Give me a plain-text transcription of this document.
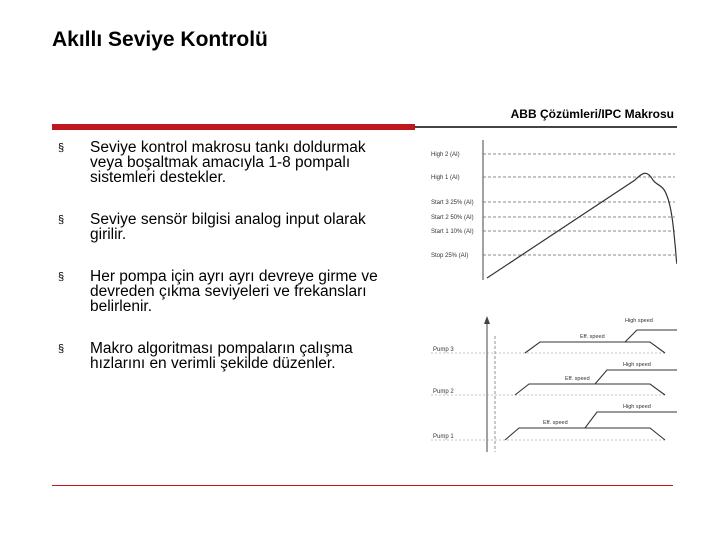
Akıllı Seviye Kontrolü
ABB Çözümleri/IPC Makrosu
§ Seviye kontrol makrosu tankı doldurmak veya boşaltmak amacıyla 1-8 pompalı sistemleri destekler.
§ Seviye sensör bilgisi analog input olarak girilir.
§ Her pompa için ayrı ayrı devreye girme ve devreden çıkma seviyeleri ve frekansları belirlenir.
§ Makro algoritması pompaların çalışma hızlarını en verimli şekilde düzenler.
High 2 (AI)
High 1 (AI)
Start 3 25% (AI)
Start 2 50% (AI)
Start 1 10% (AI)
Stop 25% (AI)
Pump 3
Eff. speed
High speed
Pump 2
Eff. speed
High speed
Pump 1
Eff. speed
High speed
